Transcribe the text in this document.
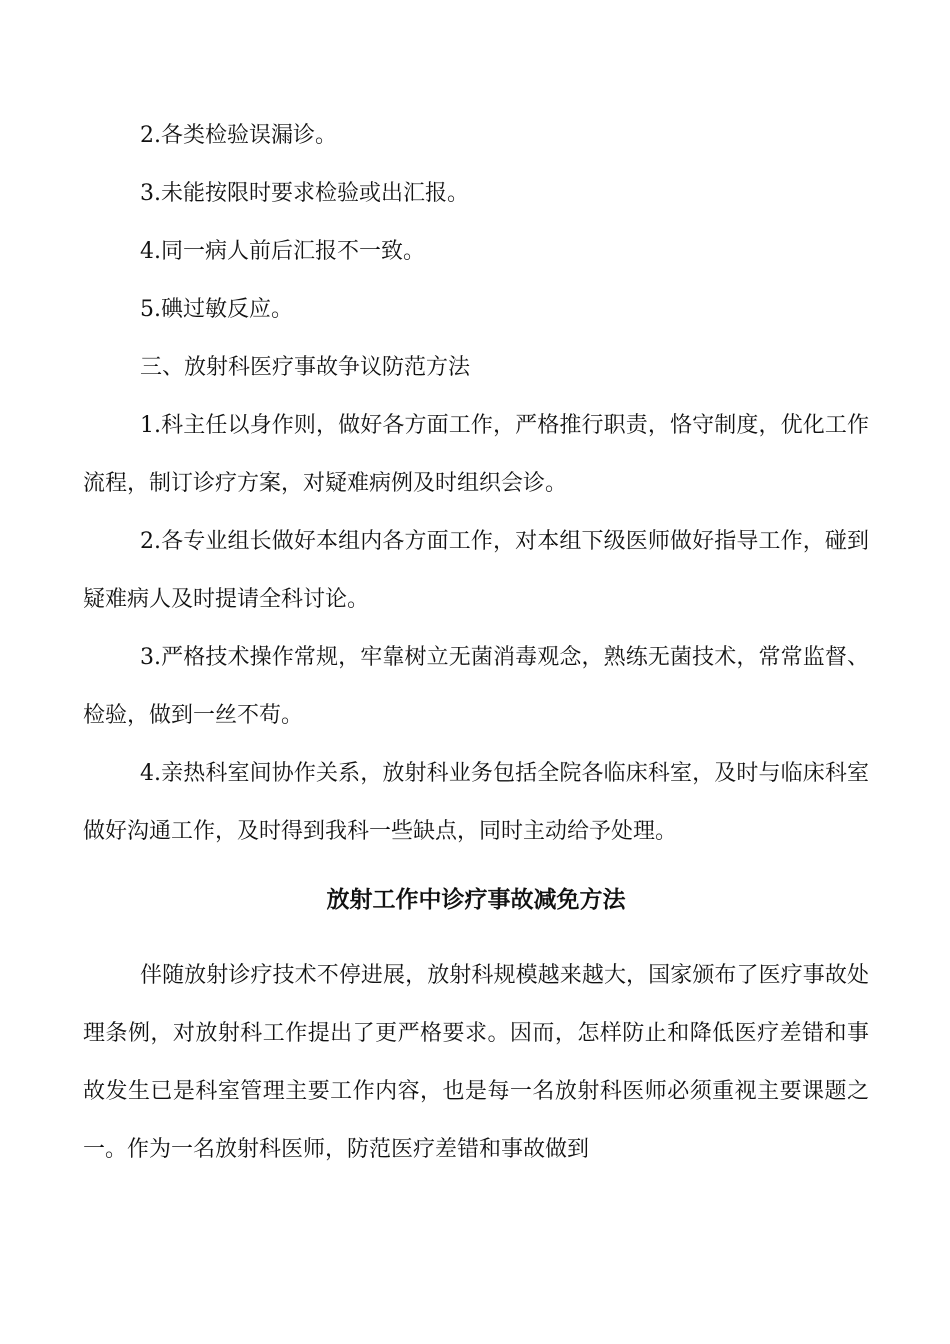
2.各类检验误漏诊。

3.未能按限时要求检验或出汇报。

4.同一病人前后汇报不一致。

5.碘过敏反应。

三、放射科医疗事故争议防范方法

1.科主任以身作则，做好各方面工作，严格推行职责，恪守制度，优化工作流程，制订诊疗方案，对疑难病例及时组织会诊。

2.各专业组长做好本组内各方面工作，对本组下级医师做好指导工作，碰到疑难病人及时提请全科讨论。

3.严格技术操作常规，牢靠树立无菌消毒观念，熟练无菌技术，常常监督、检验，做到一丝不苟。

4.亲热科室间协作关系，放射科业务包括全院各临床科室，及时与临床科室做好沟通工作，及时得到我科一些缺点，同时主动给予处理。

放射工作中诊疗事故减免方法

伴随放射诊疗技术不停进展，放射科规模越来越大，国家颁布了医疗事故处理条例，对放射科工作提出了更严格要求。因而，怎样防止和降低医疗差错和事故发生已是科室管理主要工作内容，也是每一名放射科医师必须重视主要课题之一。作为一名放射科医师，防范医疗差错和事故做到
